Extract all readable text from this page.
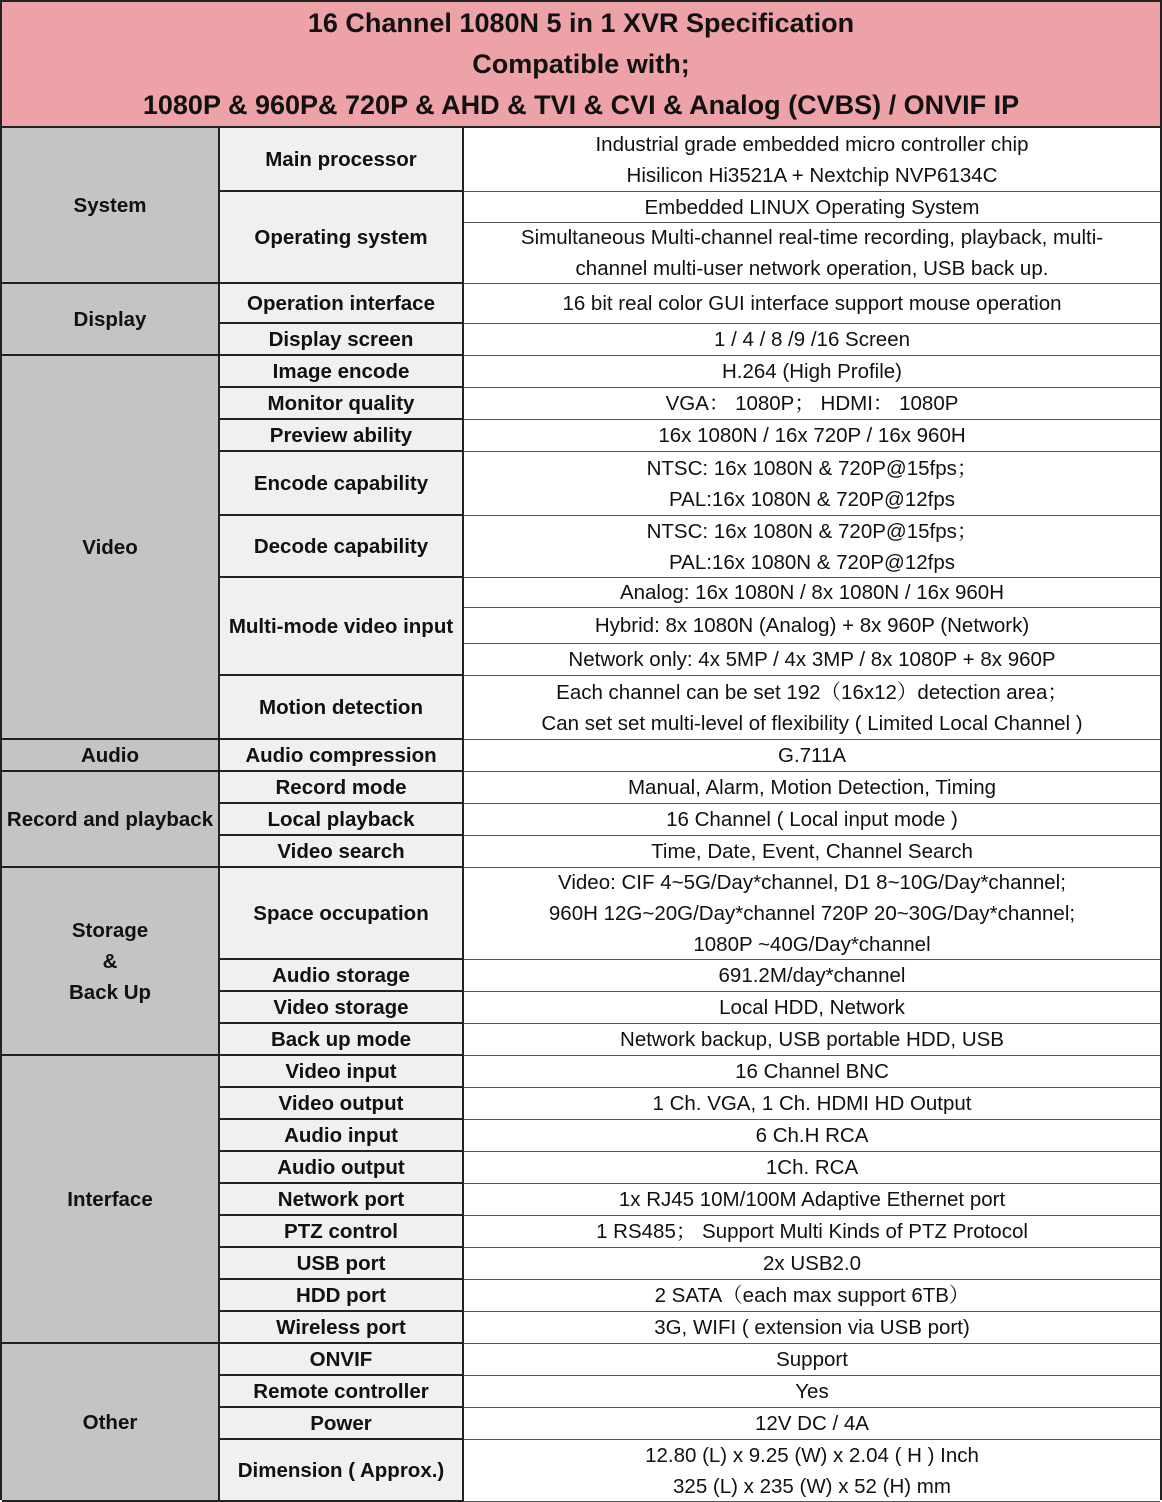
16 Channel 1080N 5 in 1 XVR Specification
Compatible with;
1080P & 960P& 720P & AHD & TVI & CVI & Analog (CVBS) / ONVIF IP
System
Display
Video
Audio
Record and playback
Storage
&
Back Up
Interface
Other
Main processor
Operating system
Operation interface
Display screen
Image encode
Monitor quality
Preview ability
Encode capability
Decode capability
Multi-mode video input
Motion detection
Audio compression
Record mode
Local playback
Video search
Space occupation
Audio storage
Video storage
Back up mode
Video input
Video output
Audio input
Audio output
Network port
PTZ control
USB port
HDD port
Wireless port
ONVIF
Remote controller
Power
Dimension ( Approx.)
Industrial grade embedded micro controller chip
Hisilicon Hi3521A + Nextchip NVP6134C
Embedded LINUX Operating System
Simultaneous Multi-channel real-time recording, playback, multi-
channel multi-user network operation, USB back up.
16 bit real color GUI interface support mouse operation
1 / 4 / 8 /9 /16 Screen
H.264 (High Profile)
VGA： 1080P； HDMI： 1080P
16x 1080N / 16x 720P / 16x 960H
NTSC: 16x 1080N & 720P@15fps；
PAL:16x 1080N & 720P@12fps
NTSC: 16x 1080N & 720P@15fps；
PAL:16x 1080N & 720P@12fps
Analog: 16x 1080N / 8x 1080N / 16x 960H
Hybrid: 8x 1080N (Analog) + 8x 960P (Network)
Network only: 4x 5MP / 4x 3MP / 8x 1080P + 8x 960P
Each channel can be set 192（16x12）detection area；
Can set set multi-level of flexibility ( Limited Local Channel )
G.711A
Manual, Alarm, Motion Detection, Timing
16 Channel ( Local input mode )
Time, Date, Event, Channel Search
Video: CIF 4~5G/Day*channel, D1 8~10G/Day*channel;
960H 12G~20G/Day*channel 720P 20~30G/Day*channel;
1080P ~40G/Day*channel
691.2M/day*channel
Local HDD, Network
Network backup, USB portable HDD, USB
16 Channel BNC
1 Ch. VGA, 1 Ch. HDMI HD Output
6 Ch.H RCA
1Ch. RCA
1x RJ45 10M/100M Adaptive Ethernet port
1 RS485； Support Multi Kinds of PTZ Protocol
2x USB2.0
2 SATA（each max support 6TB）
3G, WIFI ( extension via USB port)
Support
Yes
12V DC / 4A
12.80 (L) x 9.25 (W) x 2.04 ( H ) Inch
325 (L) x 235 (W) x 52 (H) mm
